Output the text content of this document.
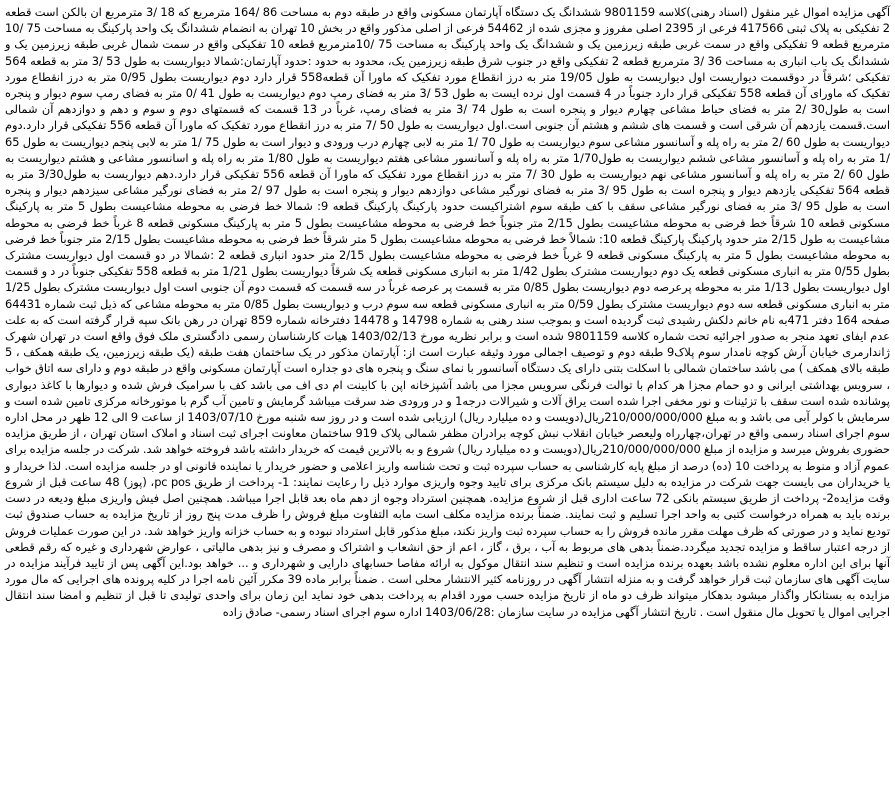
آگهی مزایده اموال غیر منقول (اسناد رهنی)کلاسه 9801159 ششدانگ یک دستگاه آپارتمان مسکونی واقع در طبقه دوم به مساحت 86 /164 مترمربع که 18 /3 مترمربع ان بالکن است قطعه 2 تفکیکی به پلاک ثبتی 417566 فرعی از 2395 اصلی مفروز و مجزی شده از 54462 فرعی از اصلی مذکور واقع در بخش 10 تهران به انضمام ششدانگ یک واحد پارکینگ به مساحت 75 /10 مترمربع قطعه 9 تفکیکی واقع در سمت غربی طبقه زیرزمین یک و ششدانگ یک واحد پارکینگ به مساحت 75 /10مترمربع قطعه 10 تفکیکی واقع در سمت شمال غربی طبقه زیرزمین یک و ششدانگ یک باب انباری به مساحت 36 /3 مترمربع قطعه 2 تفکیکی واقع در جنوب شرق طبقه زیرزمین یک، محدود به حدود :حدود آپارتمان:شمالا دیواریست به طول 53 /3 متر به قطعه 564 تفکیکی ؛شرقاً در دوقسمت دیواریست اول دیواریست به طول 19/05 متر به درز انقطاع مورد تفکیک که ماورا آن قطعه558 قرار دارد دوم دیواریست بطول 0/95 متر به درز انقطاع مورد تفکیک که ماورای آن قطعه 558 تفکیکی قرار دارد جنوباً در 4 قسمت اول نرده ایست به طول 53 /3 متر به فضای رمپ دوم دیواریست به طول 41 /0 متر به فضای رمپ سوم دیوار و پنجره است به طول30 /2 متر به فضای حیاط مشاعی چهارم دیوار و پنجره است به طول 74 /3 متر به فضای رمپ، غرباً در 13 قسمت که قسمتهای دوم و سوم و دهم و دوازدهم آن شمالی است.قسمت یازدهم آن شرقی است و قسمت های ششم و هشتم آن جنوبی است.اول دیواریست به طول 50 /7 متر به درز انقطاع مورد تفکیک که ماورا آن قطعه 556 تفکیکی قرار دارد.دوم دیواریست به طول 60 /2 متر به راه پله و آسانسور مشاعی سوم دیواریست به طول 70 /1 متر به لابی چهارم درب ورودی و دیوار است به طول 75 /1 متر به لابی پنجم دیواریست به طول 65 /1 متر به راه پله و آسانسور مشاعی ششم دیواریست به طول1/70 متر به راه پله و آسانسور مشاعی هفتم دیواریست به طول 1/80 متر به راه پله و اسانسور مشاعی و هشتم دیواریست به طول 60 /2 متر به راه پله و آسانسور مشاعی نهم دیواریست به طول 30 /7 متر به درز انقطاع مورد تفکیک که ماورا آن قطعه 556 تفکیکی قرار دارد.دهم دیواریست به طول3/30 متر به قطعه 564 تفکیکی یازدهم دیوار و پنجره است به طول 95 /3 متر به فضای نورگیر مشاعی دوازدهم دیوار و پنجره است به طول 97 /2 متر به فضای نورگیر مشاعی سیزدهم دیوار و پنجره است به طول 95 /3 متر به فضای نورگیر مشاعی سقف با کف طبقه سوم اشتراکیست حدود پارکینگ پارکینگ قطعه 9: شمالا خط فرضی به محوطه مشاعیست بطول 5 متر به پارکینگ مسکونی قطعه 10 شرقاً خط فرضی به محوطه مشاعیست بطول 2/15 متر جنوباً خط فرضی به محوطه مشاعیست بطول 5 متر به پارکینگ مسکونی قطعه 8 غرباً خط فرضی به محوطه مشاعیست به طول 2/15 متر حدود پارکینگ پارکینگ قطعه 10: شمالاً خط فرضی به محوطه مشاعیست بطول 5 متر شرقاً خط فرضی به محوطه مشاعیست بطول 2/15 متر جنوباً خط فرضی به محوطه مشاعیست بطول 5 متر به پارکینگ مسکونی قطعه 9 غرباً خط فرضی به محوطه مشاعیست بطول 2/15 متر حدود انباری قطعه 2 :شمالا در دو قسمت اول دیواریست مشترک بطول 0/55 متر به انباری مسکونی قطعه یک دوم دیواریست مشترک بطول 1/42 متر به انباری مسکونی قطعه یک شرقاً دیواریست بطول 1/21 متر به قطعه 558 تفکیکی جنوباً در د و قسمت اول دیواریست بطول 1/13 متر به محوطه پرعرصه دوم دیواریست بطول 0/85 متر به قسمت پر عرصه غرباً در سه قسمت که قسمت دوم آن جنوبی است اول دیواریست مشترک بطول 1/25 متر به انباری مسکونی قطعه سه دوم دیواریست مشترک بطول 0/59 متر به انباری مسکونی قطعه سه سوم درب و دیواریست بطول 0/85 متر به محوطه مشاعی که ذیل ثبت شماره 64431 صفحه 164 دفتر 471به نام خانم دلکش رشیدی ثبت گردیده است و بموجب سند رهنی به شماره 14798 و 14478 دفترخانه شماره 859 تهران در رهن بانک سپه قرار گرفته است که به علت عدم ایفای تعهد منجر به صدور اجرائیه تحت شماره کلاسه 9801159 شده است و برابر نظریه مورخ 1403/02/13 هیات کارشناسان رسمی دادگستری ملک فوق واقع است در تهران شهرک ژاندارمری خیابان آرش کوچه نامدار سوم پلاک9 طبقه دوم و توصیف اجمالی مورد وثیقه عبارت است از: آپارتمان مذکور در یک ساختمان هفت طبقه (یک طبقه زیرزمین، یک طبقه همکف ، 5 طبقه بالای همکف ) می باشد ساختمان شمالی با اسکلت بتنی دارای یک دستگاه آسانسور با نمای سنگ و پنجره های دو جداره است آپارتمان مسکونی واقع در طبقه دوم و دارای سه اتاق خواب ، سرویس بهداشتی ایرانی و دو حمام مجزا هر کدام با توالت فرنگی سرویس مجزا می باشد آشپزخانه اپن با کابینت ام دی اف می باشد کف با سرامیک فرش شده و دیوارها با کاغذ دیواری پوشانده شده است سقف با تزئینات و نور مخفی اجرا شده است یراق آلات و شیرالات درجه1 و در ورودی ضد سرقت میباشد گرمایش و تامین آب گرم با موتورخانه مرکزی تامین شده است و سرمایش با کولر آبی می باشد و به مبلغ 210/000/000/000ریال(دویست و ده میلیارد ریال) ارزیابی شده است و در روز سه شنبه مورخ 1403/07/10 از ساعت 9 الی 12 ظهر در محل اداره سوم اجرای اسناد رسمی واقع در تهران،چهارراه ولیعصر خیابان انقلاب نبش کوچه برادران مظفر شمالی پلاک 919 ساختمان معاونت اجرای ثبت اسناد و املاک استان تهران ، از طریق مزایده حضوری بفروش میرسد و مزایده از مبلغ 210/000/000/000ریال(دویست و ده میلیارد ریال) شروع و به بالاترین قیمت که خریدار داشته باشد فروخته خواهد شد. شرکت در جلسه مزایده برای عموم آزاد و منوط به پرداخت 10 (ده) درصد از مبلغ پایه کارشناسی به حساب سپرده ثبت و تحت شناسه واریز اعلامی و حضور خریدار یا نماینده قانونی او در جلسه مزایده است. لذا خریدار و یا خریداران می بایست جهت شرکت در مزایده به دلیل سیستم بانک مرکزی برای تایید وجوه واریزی موارد ذیل را رعایت نمایند: 1- پرداخت از طریق pc pos، (پوز) 48 ساعت قبل از شروع وقت مزایده2- پرداخت از طریق سیستم بانکی 72 ساعت اداری قبل از شروع مزایده. همچنین استرداد وجوه از دهم ماه بعد قابل اجرا میباشد. همچنین اصل فیش واریزی مبلغ ودیعه در دست برنده باید به همراه درخواست کتبی به واحد اجرا تسلیم و ثبت نمایند. ضمناً برنده مزایده مکلف است مابه التفاوت مبلغ فروش را ظرف مدت پنج روز از تاریخ مزایده به حساب صندوق ثبت تودیع نماید و در صورتی که ظرف مهلت مقرر مانده فروش را به حساب سپرده ثبت واریز نکند، مبلغ مذکور قابل استرداد نبوده و به حساب خزانه واریز خواهد شد. در این صورت عملیات فروش از درجه اعتبار ساقط و مزایده تجدید میگردد.ضمناً بدهی های مربوط به آب ، برق ، گاز ، اعم از حق انشعاب و اشتراک و مصرف و نیز بدهی مالیاتی ، عوارض شهرداری و غیره که رقم قطعی آنها برای این اداره معلوم نشده باشد بعهده برنده مزایده است و تنظیم سند انتقال موکول به ارائه مفاصا حسابهای دارایی و شهرداری و ... خواهد بود.این آگهی پس از تایید فرآیند مزایده در سایت آگهی های سازمان ثبت قرار خواهد گرفت و به منزله انتشار آگهی در روزنامه کثیر الانتشار محلی است . ضمناً برابر ماده 39 مکرر آئین نامه اجرا در کلیه پرونده های اجرایی که مال مورد مزایده به بستانکار واگذار میشود بدهکار میتواند ظرف دو ماه از تاریخ مزایده حسب مورد اقدام به پرداخت بدهی خود نماید این زمان برای واحدی تولیدی تا قبل از تنظیم و امضا سند انتقال اجرایی اموال یا تحویل مال منقول است . تاریخ انتشار آگهی مزایده در سایت سازمان :1403/06/28 اداره سوم اجرای اسناد رسمی- صادق زاده
